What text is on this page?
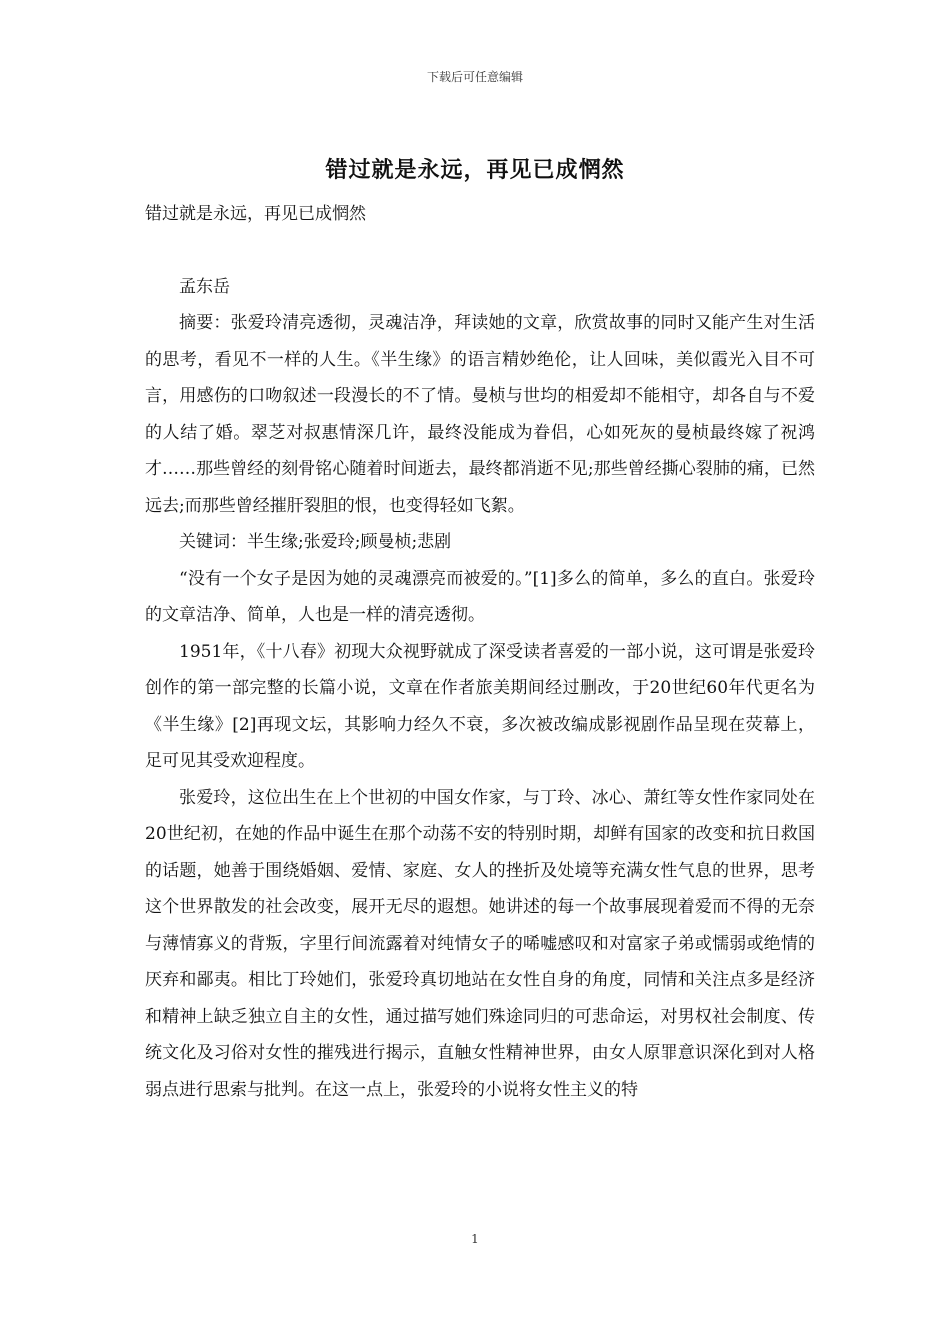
下载后可任意编辑
错过就是永远，再见已成惘然

错过就是永远，再见已成惘然

孟东岳

摘要：张爱玲清亮透彻，灵魂洁净，拜读她的文章，欣赏故事的同时又能产生对生活的思考，看见不一样的人生。《半生缘》的语言精妙绝伦，让人回味，美似霞光入目不可言，用感伤的口吻叙述一段漫长的不了情。曼桢与世均的相爱却不能相守，却各自与不爱的人结了婚。翠芝对叔惠情深几许，最终没能成为眷侣，心如死灰的曼桢最终嫁了祝鸿才……那些曾经的刻骨铭心随着时间逝去，最终都消逝不见;那些曾经撕心裂肺的痛，已然远去;而那些曾经摧肝裂胆的恨，也变得轻如飞絮。

关键词：半生缘;张爱玲;顾曼桢;悲剧

“没有一个女子是因为她的灵魂漂亮而被爱的。”[1]多么的简单，多么的直白。张爱玲的文章洁净、简单，人也是一样的清亮透彻。

1951年，《十八春》初现大众视野就成了深受读者喜爱的一部小说，这可谓是张爱玲创作的第一部完整的长篇小说，文章在作者旅美期间经过删改，于20世纪60年代更名为《半生缘》[2]再现文坛，其影响力经久不衰，多次被改编成影视剧作品呈现在荧幕上，足可见其受欢迎程度。

张爱玲，这位出生在上个世初的中国女作家，与丁玲、冰心、萧红等女性作家同处在20世纪初，在她的作品中诞生在那个动荡不安的特别时期，却鲜有国家的改变和抗日救国的话题，她善于围绕婚姻、爱情、家庭、女人的挫折及处境等充满女性气息的世界，思考这个世界散发的社会改变，展开无尽的遐想。她讲述的每一个故事展现着爱而不得的无奈与薄情寡义的背叛，字里行间流露着对纯情女子的唏嘘感叹和对富家子弟或懦弱或绝情的厌弃和鄙夷。相比丁玲她们，张爱玲真切地站在女性自身的角度，同情和关注点多是经济和精神上缺乏独立自主的女性，通过描写她们殊途同归的可悲命运，对男权社会制度、传统文化及习俗对女性的摧残进行揭示，直触女性精神世界，由女人原罪意识深化到对人格弱点进行思索与批判。在这一点上，张爱玲的小说将女性主义的特

1
